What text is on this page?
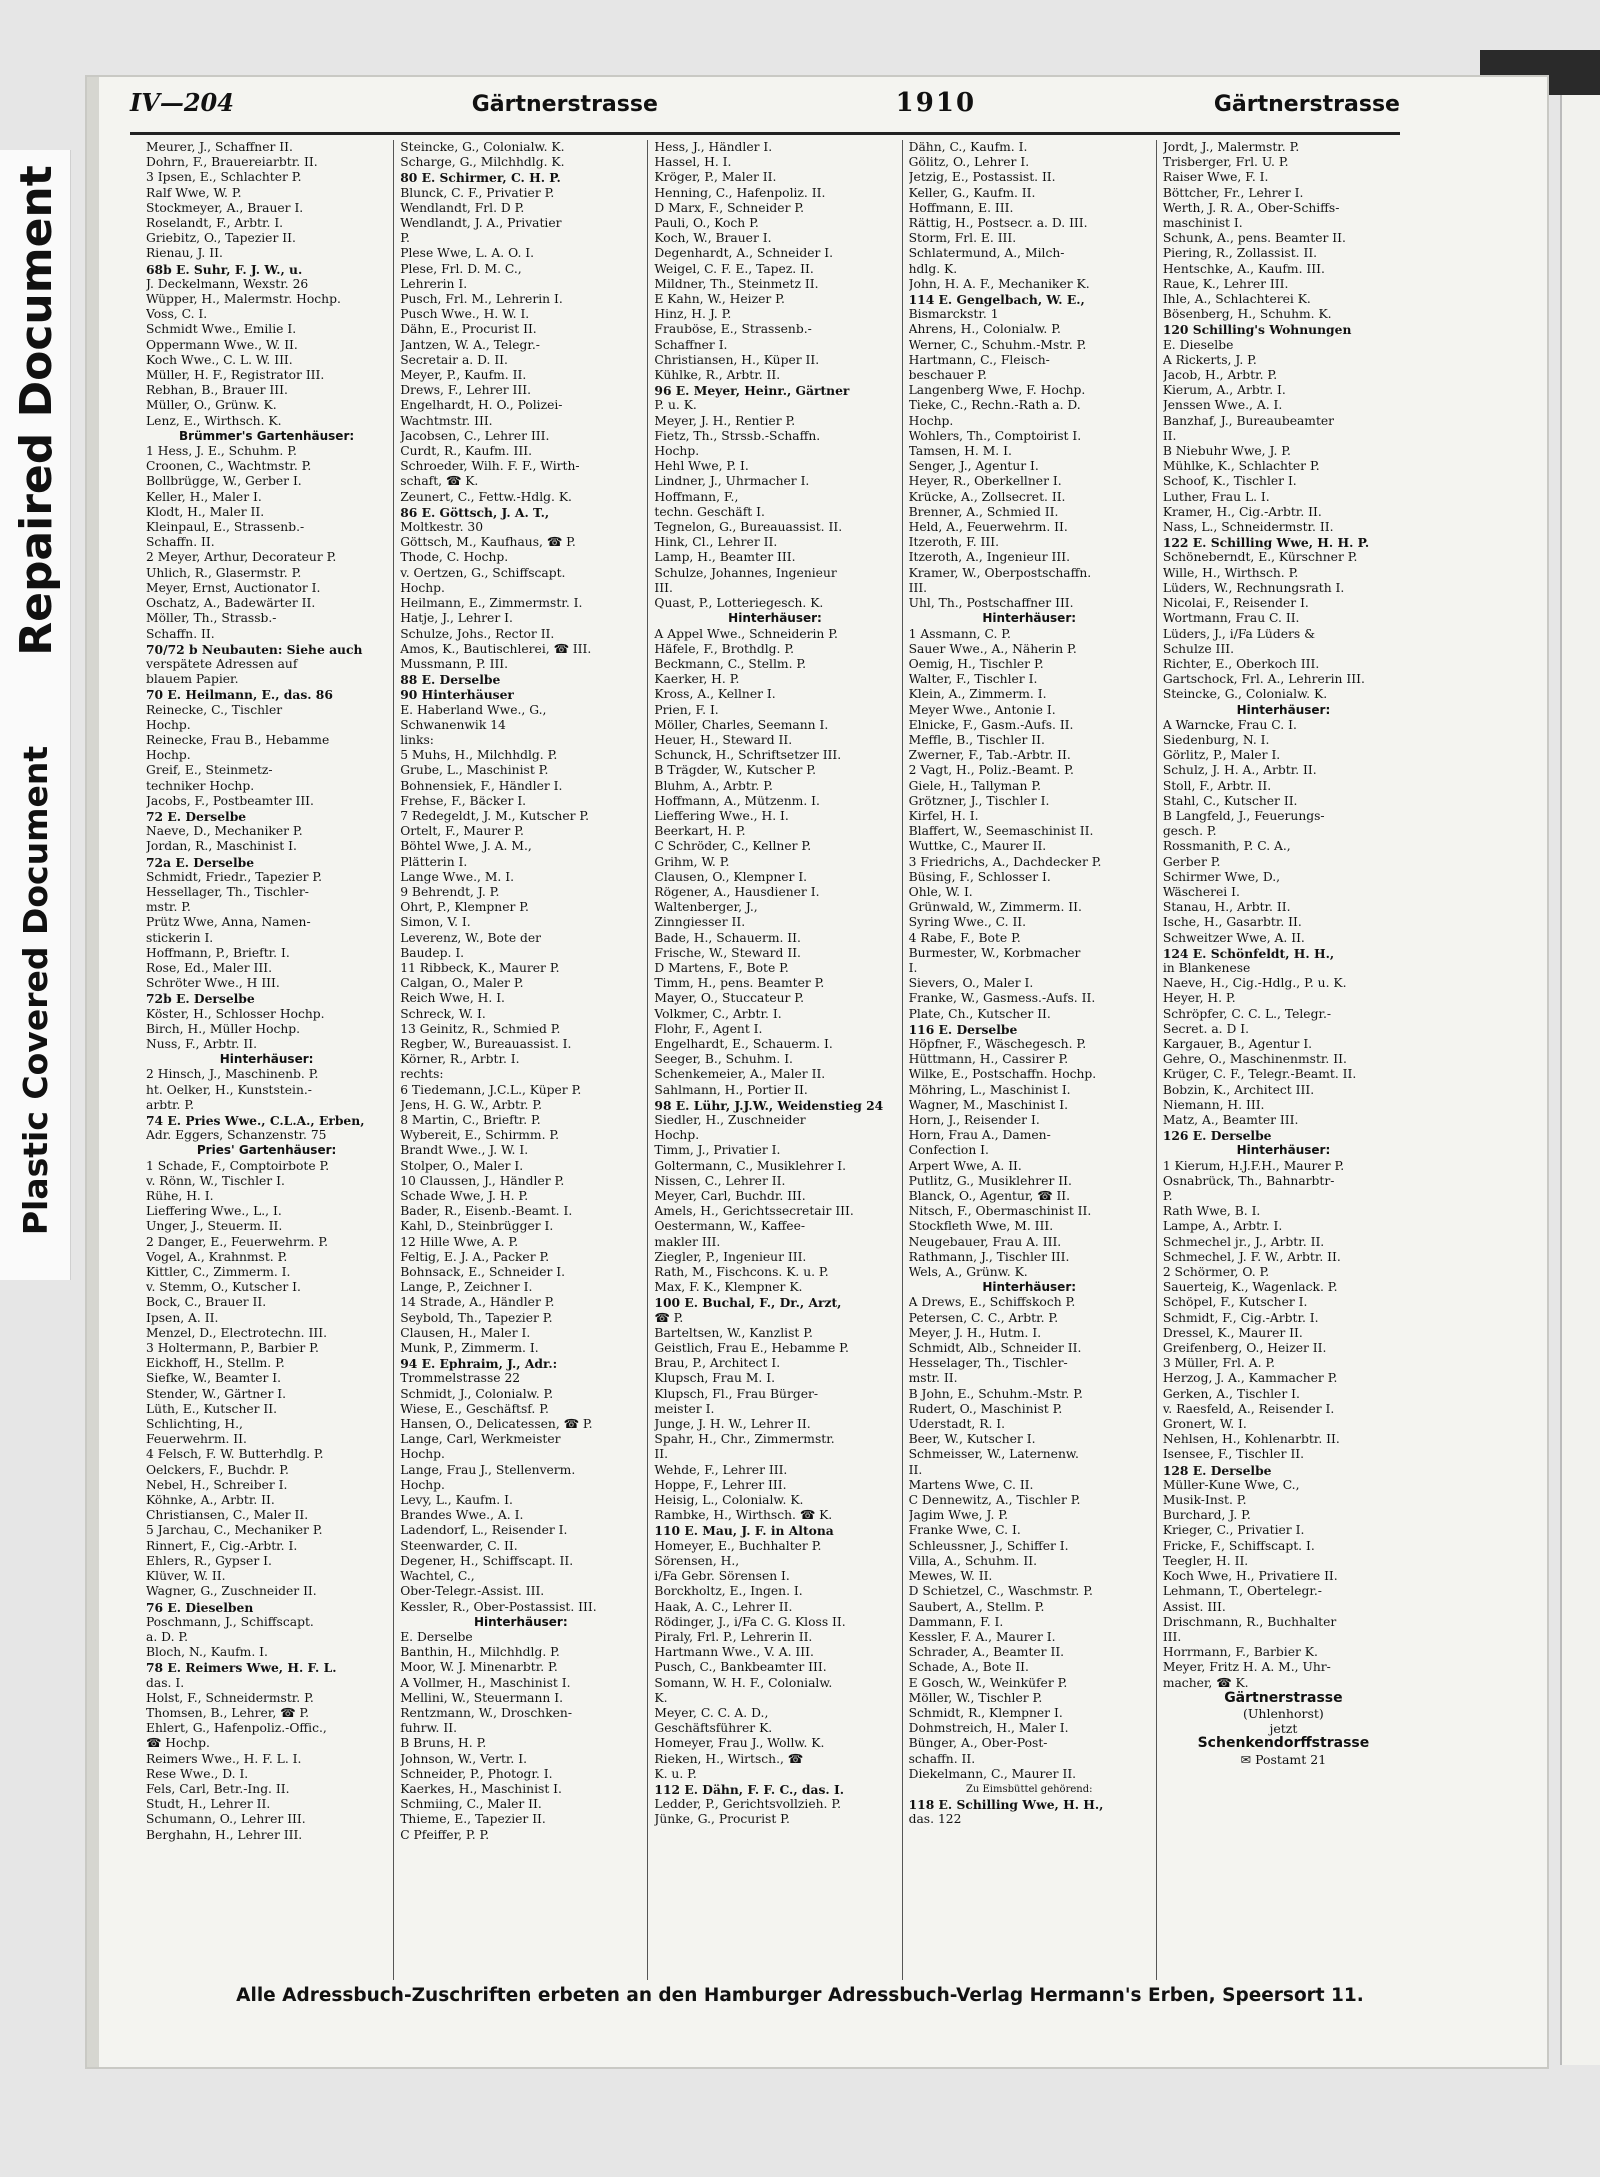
Repaired Document
Plastic Covered Document
IV—204	Gärtnerstrasse	1910	Gärtnerstrasse
Meurer, J., Schaffner II.
Dohrn, F., Brauereiarbtr. II.
3 Ipsen, E., Schlachter P.
Ralf Wwe, W. P.
Stockmeyer, A., Brauer I.
Roselandt, F., Arbtr. I.
Griebitz, O., Tapezier II.
Rienau, J. II.
68b E. Suhr, F. J. W., u.
J. Deckelmann, Wexstr. 26
Wüpper, H., Malermstr. Hochp.
Voss, C. I.
Schmidt Wwe., Emilie I.
Oppermann Wwe., W. II.
Koch Wwe., C. L. W. III.
Müller, H. F., Registrator III.
Rebhan, B., Brauer III.
Müller, O., Grünw. K.
Lenz, E., Wirthsch. K.
Brümmer's Gartenhäuser:
1 Hess, J. E., Schuhm. P.
Croonen, C., Wachtmstr. P.
Bollbrügge, W., Gerber I.
Keller, H., Maler I.
Klodt, H., Maler II.
Kleinpaul, E., Strassenb.-
Schaffn. II.
2 Meyer, Arthur, Decorateur P.
Uhlich, R., Glasermstr. P.
Meyer, Ernst, Auctionator I.
Oschatz, A., Badewärter II.
Möller, Th., Strassb.-
Schaffn. II.
70/72 b Neubauten: Siehe auch
verspätete Adressen auf
blauem Papier.
70 E. Heilmann, E., das. 86
Reinecke, C., Tischler
Hochp.
Reinecke, Frau B., Hebamme
Hochp.
Greif, E., Steinmetz-
techniker Hochp.
Jacobs, F., Postbeamter III.
72 E. Derselbe
Naeve, D., Mechaniker P.
Jordan, R., Maschinist I.
72a E. Derselbe
Schmidt, Friedr., Tapezier P.
Hessellager, Th., Tischler-
mstr. P.
Prütz Wwe, Anna, Namen-
stickerin I.
Hoffmann, P., Brieftr. I.
Rose, Ed., Maler III.
Schröter Wwe., H III.
72b E. Derselbe
Köster, H., Schlosser Hochp.
Birch, H., Müller Hochp.
Nuss, F., Arbtr. II.
Hinterhäuser:
2 Hinsch, J., Maschinenb. P.
ht. Oelker, H., Kunststein.-
arbtr. P.
74 E. Pries Wwe., C.L.A., Erben,
Adr. Eggers, Schanzenstr. 75
Pries' Gartenhäuser:
1 Schade, F., Comptoirbote P.
v. Rönn, W., Tischler I.
Rühe, H. I.
Lieffering Wwe., L., I.
Unger, J., Steuerm. II.
2 Danger, E., Feuerwehrm. P.
Vogel, A., Krahnmst. P.
Kittler, C., Zimmerm. I.
v. Stemm, O., Kutscher I.
Bock, C., Brauer II.
Ipsen, A. II.
Menzel, D., Electrotechn. III.
3 Holtermann, P., Barbier P.
Eickhoff, H., Stellm. P.
Siefke, W., Beamter I.
Stender, W., Gärtner I.
Lüth, E., Kutscher II.
Schlichting, H.,
Feuerwehrm. II.
4 Felsch, F. W. Butterhdlg. P.
Oelckers, F., Buchdr. P.
Nebel, H., Schreiber I.
Köhnke, A., Arbtr. II.
Christiansen, C., Maler II.
5 Jarchau, C., Mechaniker P.
Rinnert, F., Cig.-Arbtr. I.
Ehlers, R., Gypser I.
Klüver, W. II.
Wagner, G., Zuschneider II.
76 E. Dieselben
Poschmann, J., Schiffscapt.
a. D. P.
Bloch, N., Kaufm. I.
78 E. Reimers Wwe, H. F. L.
das. I.
Holst, F., Schneidermstr. P.
Thomsen, B., Lehrer, ☎ P.
Ehlert, G., Hafenpoliz.-Offic.,
☎ Hochp.
Reimers Wwe., H. F. L. I.
Rese Wwe., D. I.
Fels, Carl, Betr.-Ing. II.
Studt, H., Lehrer II.
Schumann, O., Lehrer III.
Berghahn, H., Lehrer III.
Steincke, G., Colonialw. K.
Scharge, G., Milchhdlg. K.
80 E. Schirmer, C. H. P.
Blunck, C. F., Privatier P.
Wendlandt, Frl. D P.
Wendlandt, J. A., Privatier
P.
Plese Wwe, L. A. O. I.
Plese, Frl. D. M. C.,
Lehrerin I.
Pusch, Frl. M., Lehrerin I.
Pusch Wwe., H. W. I.
Dähn, E., Procurist II.
Jantzen, W. A., Telegr.-
Secretair a. D. II.
Meyer, P., Kaufm. II.
Drews, F., Lehrer III.
Engelhardt, H. O., Polizei-
Wachtmstr. III.
Jacobsen, C., Lehrer III.
Curdt, R., Kaufm. III.
Schroeder, Wilh. F. F., Wirth-
schaft, ☎ K.
Zeunert, C., Fettw.-Hdlg. K.
86 E. Göttsch, J. A. T.,
Moltkestr. 30
Göttsch, M., Kaufhaus, ☎ P.
Thode, C. Hochp.
v. Oertzen, G., Schiffscapt.
Hochp.
Heilmann, E., Zimmermstr. I.
Hatje, J., Lehrer I.
Schulze, Johs., Rector II.
Amos, K., Bautischlerei, ☎ III.
Mussmann, P. III.
88 E. Derselbe
90 Hinterhäuser
E. Haberland Wwe., G.,
Schwanenwik 14
links:
5 Muhs, H., Milchhdlg. P.
Grube, L., Maschinist P.
Bohnensiek, F., Händler I.
Frehse, F., Bäcker I.
7 Redegeldt, J. M., Kutscher P.
Ortelt, F., Maurer P.
Böhtel Wwe, J. A. M.,
Plätterin I.
Lange Wwe., M. I.
9 Behrendt, J. P.
Ohrt, P., Klempner P.
Simon, V. I.
Leverenz, W., Bote der
Baudep. I.
11 Ribbeck, K., Maurer P.
Calgan, O., Maler P.
Reich Wwe, H. I.
Schreck, W. I.
13 Geinitz, R., Schmied P.
Regber, W., Bureauassist. I.
Körner, R., Arbtr. I.
rechts:
6 Tiedemann, J.C.L., Küper P.
Jens, H. G. W., Arbtr. P.
8 Martin, C., Brieftr. P.
Wybereit, E., Schirmm. P.
Brandt Wwe., J. W. I.
Stolper, O., Maler I.
10 Claussen, J., Händler P.
Schade Wwe, J. H. P.
Bader, R., Eisenb.-Beamt. I.
Kahl, D., Steinbrügger I.
12 Hille Wwe, A. P.
Feltig, E. J. A., Packer P.
Bohnsack, E., Schneider I.
Lange, P., Zeichner I.
14 Strade, A., Händler P.
Seybold, Th., Tapezier P.
Clausen, H., Maler I.
Munk, P., Zimmerm. I.
94 E. Ephraim, J., Adr.:
Trommelstrasse 22
Schmidt, J., Colonialw. P.
Wiese, E., Geschäftsf. P.
Hansen, O., Delicatessen, ☎ P.
Lange, Carl, Werkmeister
Hochp.
Lange, Frau J., Stellenverm.
Hochp.
Levy, L., Kaufm. I.
Brandes Wwe., A. I.
Ladendorf, L., Reisender I.
Steenwarder, C. II.
Degener, H., Schiffscapt. II.
Wachtel, C.,
Ober-Telegr.-Assist. III.
Kessler, R., Ober-Postassist. III.
Hinterhäuser:
E. Derselbe
Banthin, H., Milchhdlg. P.
Moor, W. J. Minenarbtr. P.
A Vollmer, H., Maschinist I.
Mellini, W., Steuermann I.
Rentzmann, W., Droschken-
fuhrw. II.
B Bruns, H. P.
Johnson, W., Vertr. I.
Schneider, P., Photogr. I.
Kaerkes, H., Maschinist I.
Schmiing, C., Maler II.
Thieme, E., Tapezier II.
C Pfeiffer, P. P.
Hess, J., Händler I.
Hassel, H. I.
Kröger, P., Maler II.
Henning, C., Hafenpoliz. II.
D Marx, F., Schneider P.
Pauli, O., Koch P.
Koch, W., Brauer I.
Degenhardt, A., Schneider I.
Weigel, C. F. E., Tapez. II.
Mildner, Th., Steinmetz II.
E Kahn, W., Heizer P.
Hinz, H. J. P.
Frauböse, E., Strassenb.-
Schaffner I.
Christiansen, H., Küper II.
Kühlke, R., Arbtr. II.
96 E. Meyer, Heinr., Gärtner
P. u. K.
Meyer, J. H., Rentier P.
Fietz, Th., Strssb.-Schaffn.
Hochp.
Hehl Wwe, P. I.
Lindner, J., Uhrmacher I.
Hoffmann, F.,
techn. Geschäft I.
Tegnelon, G., Bureauassist. II.
Hink, Cl., Lehrer II.
Lamp, H., Beamter III.
Schulze, Johannes, Ingenieur
III.
Quast, P., Lotteriegesch. K.
Hinterhäuser:
A Appel Wwe., Schneiderin P.
Häfele, F., Brothdlg. P.
Beckmann, C., Stellm. P.
Kaerker, H. P.
Kross, A., Kellner I.
Prien, F. I.
Möller, Charles, Seemann I.
Heuer, H., Steward II.
Schunck, H., Schriftsetzer III.
B Trägder, W., Kutscher P.
Bluhm, A., Arbtr. P.
Hoffmann, A., Mützenm. I.
Lieffering Wwe., H. I.
Beerkart, H. P.
C Schröder, C., Kellner P.
Grihm, W. P.
Clausen, O., Klempner I.
Rögener, A., Hausdiener I.
Waltenberger, J.,
Zinngiesser II.
Bade, H., Schauerm. II.
Frische, W., Steward II.
D Martens, F., Bote P.
Timm, H., pens. Beamter P.
Mayer, O., Stuccateur P.
Volkmer, C., Arbtr. I.
Flohr, F., Agent I.
Engelhardt, E., Schauerm. I.
Seeger, B., Schuhm. I.
Schenkemeier, A., Maler II.
Sahlmann, H., Portier II.
98 E. Lühr, J.J.W., Weidenstieg 24
Siedler, H., Zuschneider
Hochp.
Timm, J., Privatier I.
Goltermann, C., Musiklehrer I.
Nissen, C., Lehrer II.
Meyer, Carl, Buchdr. III.
Amels, H., Gerichtssecretair III.
Oestermann, W., Kaffee-
makler III.
Ziegler, P., Ingenieur III.
Rath, M., Fischcons. K. u. P.
Max, F. K., Klempner K.
100 E. Buchal, F., Dr., Arzt,
☎ P.
Barteltsen, W., Kanzlist P.
Geistlich, Frau E., Hebamme P.
Brau, P., Architect I.
Klupsch, Frau M. I.
Klupsch, Fl., Frau Bürger-
meister I.
Junge, J. H. W., Lehrer II.
Spahr, H., Chr., Zimmermstr.
II.
Wehde, F., Lehrer III.
Hoppe, F., Lehrer III.
Heisig, L., Colonialw. K.
Rambke, H., Wirthsch. ☎ K.
110 E. Mau, J. F. in Altona
Homeyer, E., Buchhalter P.
Sörensen, H.,
i/Fa Gebr. Sörensen I.
Borckholtz, E., Ingen. I.
Haak, A. C., Lehrer II.
Rödinger, J., i/Fa C. G. Kloss II.
Piraly, Frl. P., Lehrerin II.
Hartmann Wwe., V. A. III.
Pusch, C., Bankbeamter III.
Somann, W. H. F., Colonialw.
K.
Meyer, C. C. A. D.,
Geschäftsführer K.
Homeyer, Frau J., Wollw. K.
Rieken, H., Wirtsch., ☎
K. u. P.
112 E. Dähn, F. F. C., das. I.
Ledder, P., Gerichtsvollzieh. P.
Jünke, G., Procurist P.
Dähn, C., Kaufm. I.
Gölitz, O., Lehrer I.
Jetzig, E., Postassist. II.
Keller, G., Kaufm. II.
Hoffmann, E. III.
Rättig, H., Postsecr. a. D. III.
Storm, Frl. E. III.
Schlatermund, A., Milch-
hdlg. K.
John, H. A. F., Mechaniker K.
114 E. Gengelbach, W. E.,
Bismarckstr. 1
Ahrens, H., Colonialw. P.
Werner, C., Schuhm.-Mstr. P.
Hartmann, C., Fleisch-
beschauer P.
Langenberg Wwe, F. Hochp.
Tieke, C., Rechn.-Rath a. D.
Hochp.
Wohlers, Th., Comptoirist I.
Tamsen, H. M. I.
Senger, J., Agentur I.
Heyer, R., Oberkellner I.
Krücke, A., Zollsecret. II.
Brenner, A., Schmied II.
Held, A., Feuerwehrm. II.
Itzeroth, F. III.
Itzeroth, A., Ingenieur III.
Kramer, W., Oberpostschaffn.
III.
Uhl, Th., Postschaffner III.
Hinterhäuser:
1 Assmann, C. P.
Sauer Wwe., A., Näherin P.
Oemig, H., Tischler P.
Walter, F., Tischler I.
Klein, A., Zimmerm. I.
Meyer Wwe., Antonie I.
Elnicke, F., Gasm.-Aufs. II.
Meffle, B., Tischler II.
Zwerner, F., Tab.-Arbtr. II.
2 Vagt, H., Poliz.-Beamt. P.
Giele, H., Tallyman P.
Grötzner, J., Tischler I.
Kirfel, H. I.
Blaffert, W., Seemaschinist II.
Wuttke, C., Maurer II.
3 Friedrichs, A., Dachdecker P.
Büsing, F., Schlosser I.
Ohle, W. I.
Grünwald, W., Zimmerm. II.
Syring Wwe., C. II.
4 Rabe, F., Bote P.
Burmester, W., Korbmacher
I.
Sievers, O., Maler I.
Franke, W., Gasmess.-Aufs. II.
Plate, Ch., Kutscher II.
116 E. Derselbe
Höpfner, F., Wäschegesch. P.
Hüttmann, H., Cassirer P.
Wilke, E., Postschaffn. Hochp.
Möhring, L., Maschinist I.
Wagner, M., Maschinist I.
Horn, J., Reisender I.
Horn, Frau A., Damen-
Confection I.
Arpert Wwe, A. II.
Putlitz, G., Musiklehrer II.
Blanck, O., Agentur, ☎ II.
Nitsch, F., Obermaschinist II.
Stockfleth Wwe, M. III.
Neugebauer, Frau A. III.
Rathmann, J., Tischler III.
Wels, A., Grünw. K.
Hinterhäuser:
A Drews, E., Schiffskoch P.
Petersen, C. C., Arbtr. P.
Meyer, J. H., Hutm. I.
Schmidt, Alb., Schneider II.
Hesselager, Th., Tischler-
mstr. II.
B John, E., Schuhm.-Mstr. P.
Rudert, O., Maschinist P.
Uderstadt, R. I.
Beer, W., Kutscher I.
Schmeisser, W., Laternenw.
II.
Martens Wwe, C. II.
C Dennewitz, A., Tischler P.
Jagim Wwe, J. P.
Franke Wwe, C. I.
Schleussner, J., Schiffer I.
Villa, A., Schuhm. II.
Mewes, W. II.
D Schietzel, C., Waschmstr. P.
Saubert, A., Stellm. P.
Dammann, F. I.
Kessler, F. A., Maurer I.
Schrader, A., Beamter II.
Schade, A., Bote II.
E Gosch, W., Weinküfer P.
Möller, W., Tischler P.
Schmidt, R., Klempner I.
Dohmstreich, H., Maler I.
Bünger, A., Ober-Post-
schaffn. II.
Diekelmann, C., Maurer II.
Zu Eimsbüttel gehörend:
118 E. Schilling Wwe, H. H.,
das. 122
Jordt, J., Malermstr. P.
Trisberger, Frl. U. P.
Raiser Wwe, F. I.
Böttcher, Fr., Lehrer I.
Werth, J. R. A., Ober-Schiffs-
maschinist I.
Schunk, A., pens. Beamter II.
Piering, R., Zollassist. II.
Hentschke, A., Kaufm. III.
Raue, K., Lehrer III.
Ihle, A., Schlachterei K.
Bösenberg, H., Schuhm. K.
120 Schilling's Wohnungen
E. Dieselbe
A Rickerts, J. P.
Jacob, H., Arbtr. P.
Kierum, A., Arbtr. I.
Jenssen Wwe., A. I.
Banzhaf, J., Bureaubeamter
II.
B Niebuhr Wwe, J. P.
Mühlke, K., Schlachter P.
Schoof, K., Tischler I.
Luther, Frau L. I.
Kramer, H., Cig.-Arbtr. II.
Nass, L., Schneidermstr. II.
122 E. Schilling Wwe, H. H. P.
Schöneberndt, E., Kürschner P.
Wille, H., Wirthsch. P.
Lüders, W., Rechnungsrath I.
Nicolai, F., Reisender I.
Wortmann, Frau C. II.
Lüders, J., i/Fa Lüders &
Schulze III.
Richter, E., Oberkoch III.
Gartschock, Frl. A., Lehrerin III.
Steincke, G., Colonialw. K.
Hinterhäuser:
A Warncke, Frau C. I.
Siedenburg, N. I.
Görlitz, P., Maler I.
Schulz, J. H. A., Arbtr. II.
Stoll, F., Arbtr. II.
Stahl, C., Kutscher II.
B Langfeld, J., Feuerungs-
gesch. P.
Rossmanith, P. C. A.,
Gerber P.
Schirmer Wwe, D.,
Wäscherei I.
Stanau, H., Arbtr. II.
Ische, H., Gasarbtr. II.
Schweitzer Wwe, A. II.
124 E. Schönfeldt, H. H.,
in Blankenese
Naeve, H., Cig.-Hdlg., P. u. K.
Heyer, H. P.
Schröpfer, C. C. L., Telegr.-
Secret. a. D I.
Kargauer, B., Agentur I.
Gehre, O., Maschinenmstr. II.
Krüger, C. F., Telegr.-Beamt. II.
Bobzin, K., Architect III.
Niemann, H. III.
Matz, A., Beamter III.
126 E. Derselbe
Hinterhäuser:
1 Kierum, H.J.F.H., Maurer P.
Osnabrück, Th., Bahnarbtr-
P.
Rath Wwe, B. I.
Lampe, A., Arbtr. I.
Schmechel jr., J., Arbtr. II.
Schmechel, J. F. W., Arbtr. II.
2 Schörmer, O. P.
Sauerteig, K., Wagenlack. P.
Schöpel, F., Kutscher I.
Schmidt, F., Cig.-Arbtr. I.
Dressel, K., Maurer II.
Greifenberg, O., Heizer II.
3 Müller, Frl. A. P.
Herzog, J. A., Kammacher P.
Gerken, A., Tischler I.
v. Raesfeld, A., Reisender I.
Gronert, W. I.
Nehlsen, H., Kohlenarbtr. II.
Isensee, F., Tischler II.
128 E. Derselbe
Müller-Kune Wwe, C.,
Musik-Inst. P.
Burchard, J. P.
Krieger, C., Privatier I.
Fricke, F., Schiffscapt. I.
Teegler, H. II.
Koch Wwe, H., Privatiere II.
Lehmann, T., Obertelegr.-
Assist. III.
Drischmann, R., Buchhalter
III.
Horrmann, F., Barbier K.
Meyer, Fritz H. A. M., Uhr-
macher, ☎ K.
Gärtnerstrasse
(Uhlenhorst)
jetzt
Schenkendorffstrasse
✉ Postamt 21
Alle Adressbuch-Zuschriften erbeten an den Hamburger Adressbuch-Verlag Hermann's Erben, Speersort 11.
